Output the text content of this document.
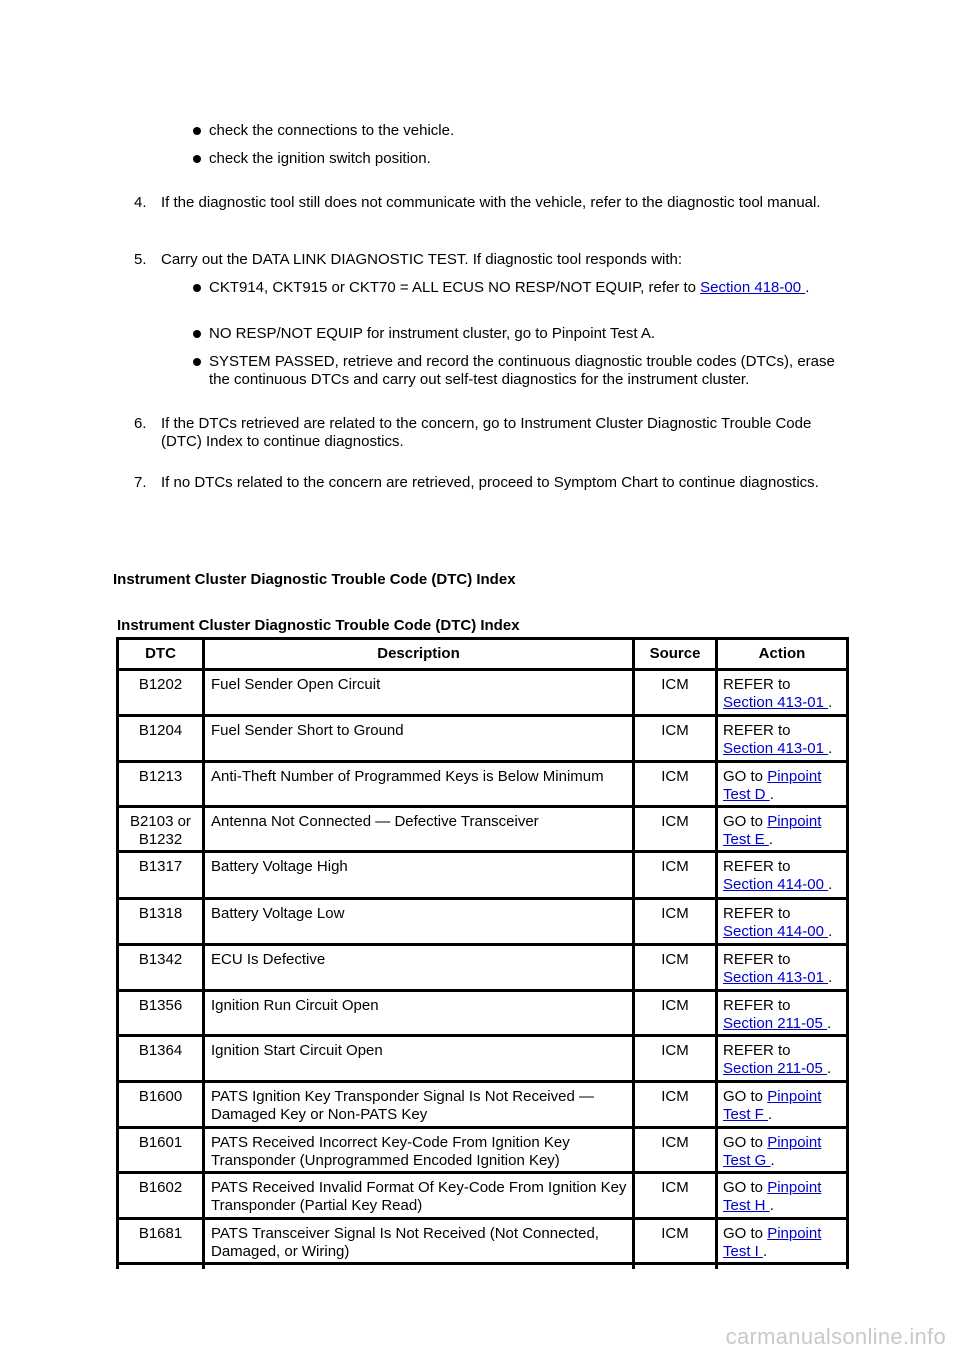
check the connections to the vehicle.
check the ignition switch position.
4. If the diagnostic tool still does not communicate with the vehicle, refer to the diagnostic tool manual.
5. Carry out the DATA LINK DIAGNOSTIC TEST. If diagnostic tool responds with:
CKT914, CKT915 or CKT70 = ALL ECUS NO RESP/NOT EQUIP, refer to Section 418-00 .
NO RESP/NOT EQUIP for instrument cluster, go to Pinpoint Test A.
SYSTEM PASSED, retrieve and record the continuous diagnostic trouble codes (DTCs), erase the continuous DTCs and carry out self-test diagnostics for the instrument cluster.
6. If the DTCs retrieved are related to the concern, go to Instrument Cluster Diagnostic Trouble Code (DTC) Index to continue diagnostics.
7. If no DTCs related to the concern are retrieved, proceed to Symptom Chart to continue diagnostics.
Instrument Cluster Diagnostic Trouble Code (DTC) Index
Instrument Cluster Diagnostic Trouble Code (DTC) Index
DTC	Description	Source	Action
B1202	Fuel Sender Open Circuit	ICM	REFER to Section 413-01 .
B1204	Fuel Sender Short to Ground	ICM	REFER to Section 413-01 .
B1213	Anti-Theft Number of Programmed Keys is Below Minimum	ICM	GO to Pinpoint Test D .
B2103 or B1232	Antenna Not Connected — Defective Transceiver	ICM	GO to Pinpoint Test E .
B1317	Battery Voltage High	ICM	REFER to Section 414-00 .
B1318	Battery Voltage Low	ICM	REFER to Section 414-00 .
B1342	ECU Is Defective	ICM	REFER to Section 413-01 .
B1356	Ignition Run Circuit Open	ICM	REFER to Section 211-05 .
B1364	Ignition Start Circuit Open	ICM	REFER to Section 211-05 .
B1600	PATS Ignition Key Transponder Signal Is Not Received — Damaged Key or Non-PATS Key	ICM	GO to Pinpoint Test F .
B1601	PATS Received Incorrect Key-Code From Ignition Key Transponder (Unprogrammed Encoded Ignition Key)	ICM	GO to Pinpoint Test G .
B1602	PATS Received Invalid Format Of Key-Code From Ignition Key Transponder (Partial Key Read)	ICM	GO to Pinpoint Test H .
B1681	PATS Transceiver Signal Is Not Received (Not Connected, Damaged, or Wiring)	ICM	GO to Pinpoint Test I .

carmanualsonline.info
